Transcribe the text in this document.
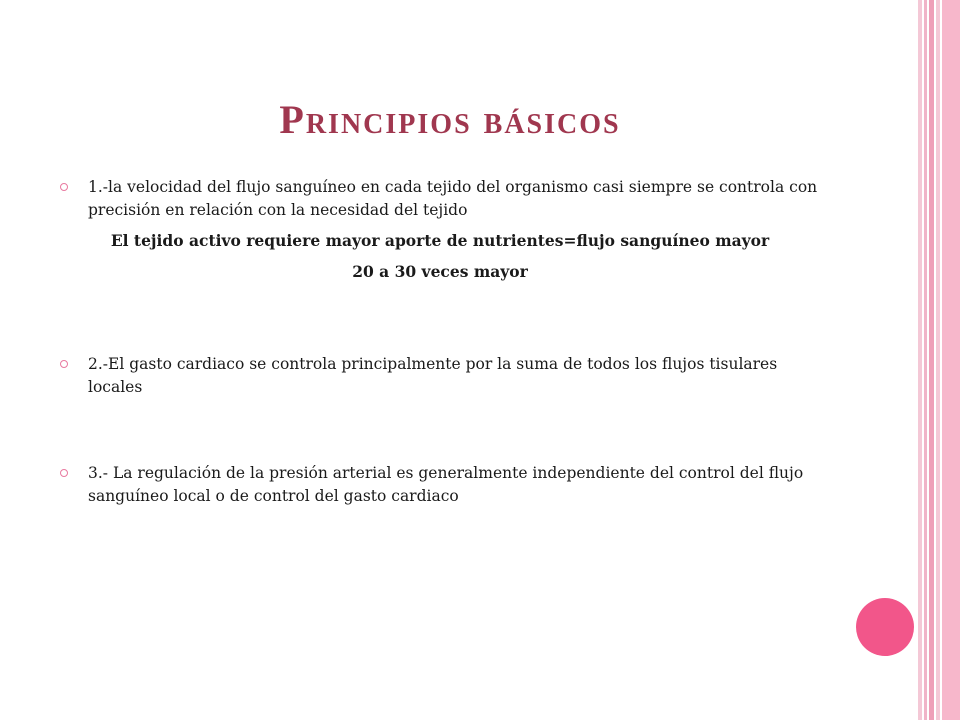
Principios básicos
1.-la velocidad del flujo sanguíneo en cada tejido del organismo casi siempre se controla con precisión en relación con la necesidad del tejido
El tejido activo requiere mayor aporte de nutrientes=flujo sanguíneo mayor
20 a 30 veces mayor
2.-El gasto cardiaco se controla principalmente por la suma de todos los flujos tisulares locales
3.- La regulación de la presión arterial es generalmente independiente del control del flujo sanguíneo local o de control del gasto cardiaco
